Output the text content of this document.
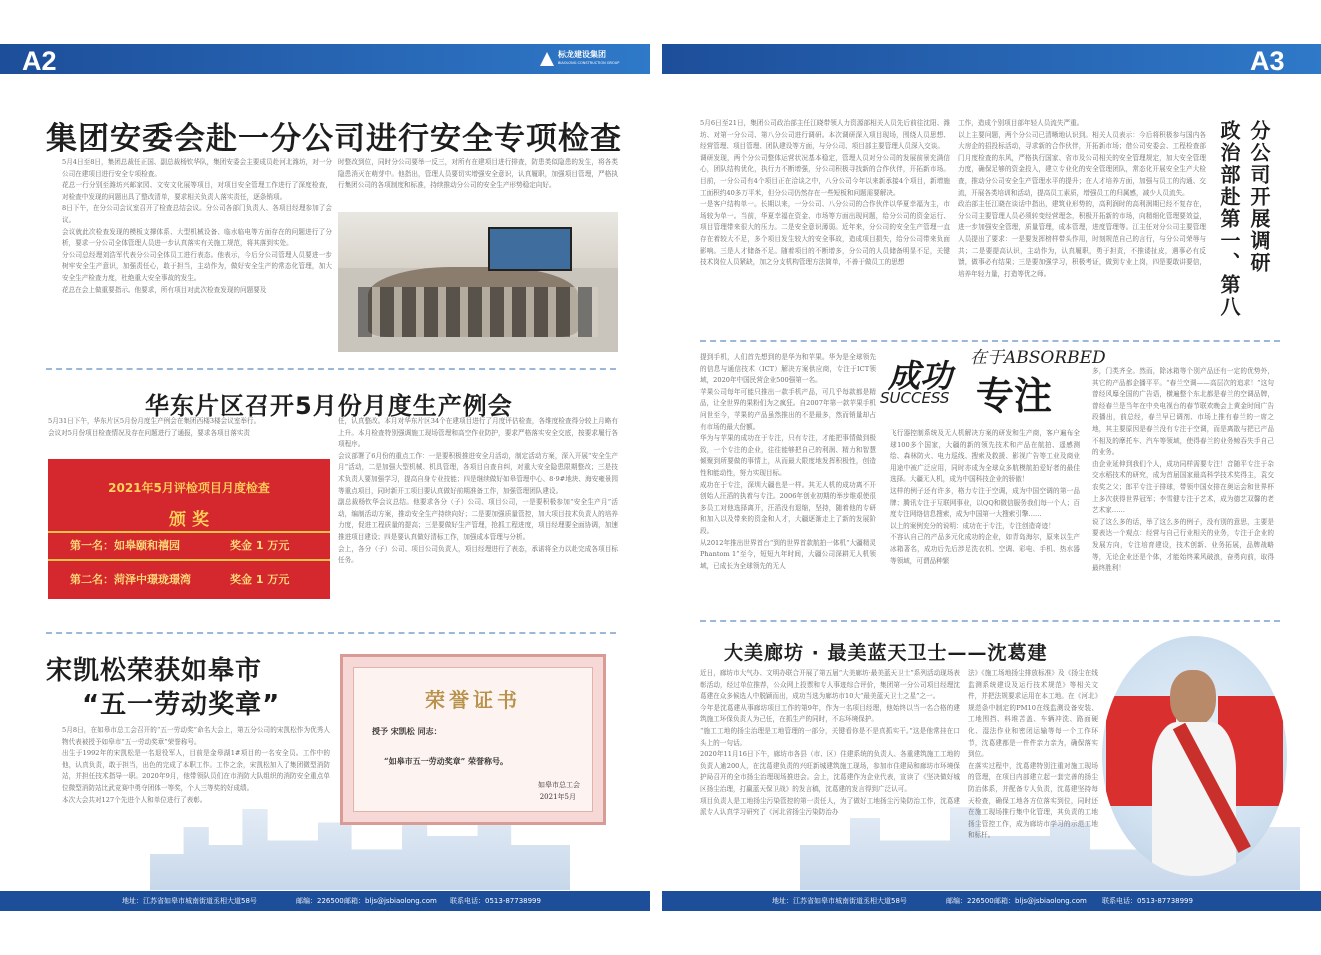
A2	A3
标龙建设集团
BIAOLONG CONSTRUCTION GROUP
集团安委会赴一分公司进行安全专项检查
5月4日至8日，集团总裁任正国、副总裁杨钦华队，集团安委会主要成员赴河北潍坊，对一分公司在建项目进行安全专项检查。
花总一行分别至潍坊兴邮家园、文安文化展等项目，对项目安全管理工作进行了深度检查，对检查中发现的问题出具了整改清单，要求相关负责人落实责任，逐条销项。
8日下午，在分公司会议室召开了检查总结会议。分公司各部门负责人、各项目经理参加了会议。
会议就此次检查发现的模板支撑体系、大型机械设备、临水临电等方面存在的问题进行了分析，要求一分公司全体管理人员进一步认真落实有关施工规范，将其落到实处。
分公司总经理刘浩军代表分公司全体员工进行表态。他表示，今后分公司管理人员要进一步树牢安全生产意识，加强责任心，敢于担当，主动作为，做好安全生产的常态化管理，加大安全生产检查力度，杜绝重大安全事故的发生。
花总在会上做重要指示。他要求，所有项目对此次检查发现的问题要及
时整改到位，同时分公司要举一反三，对所有在建项目进行排查，防患类似隐患的发生，将各类隐患消灭在萌芽中。他指出，管理人员要切实增强安全意识，认真履职，加强项目管理，严格执行集团公司的各项制度和标准，持续推动分公司的安全生产形势稳定向好。
华东片区召开5月份月度生产例会
5月31日下午，华东片区5月份月度生产例会在集团西楼3楼会议室举行。
会议对5月份项目检查情况及存在问题进行了通报，要求各项目落实责
任，认真整改。本月对华东片区34个在建项目进行了月度评估检查，各维度检查得分较上月略有上升。本月检查特别强调施工现场管理和高空作业防护，要求严格落实安全交底，按要求履行各项程序。
会议部署了6月份的重点工作：一是要积极推进安全月活动，制定活动方案，深入开展“安全生产月”活动，二是加强大型机械、机具管理，各项目自查自纠，对重大安全隐患限期整改；三是技术负责人要加强学习，提高自身专业技能；四是继续做好如皋管理中心、8·9#地块、海安雍景园等重点项目，同时新开工项目要认真做好前期准备工作，加强管理团队建设。
副总裁杨钦华会议总结。他要求各分（子）公司、项目公司，一是要积极参加“安全生产月”活动，编制活动方案，推动安全生产持续向好；二是要加强质量管控，加大项目技术负责人的培养力度，促进工程质量的提高；三是要做好生产管理，抢抓工程进度，项目经理要全面协调，加速推进项目建设；四是要认真做好清标工作，加强成本管理与分析。
会上，各分（子）公司、项目公司负责人，项目经理进行了表态，承诺将全力以赴完成各项目标任务。
2021年5月评检项目月度检查
颁 奖
第一名：如皋颐和禧园	奖金 1 万元
第二名：菏泽中璟珑璟湾	奖金 1 万元
宋凯松荣获如皋市
“五一劳动奖章”
5月8日，在如皋市总工会召开的“五一劳动奖”命名大会上，第五分公司的宋凯松作为优秀人物代表被授予如皋市“五一劳动奖章”荣誉称号。
出生于1992年的宋凯松是一名退役军人，目前是金皋湖1#项目的一名安全员。工作中的他，认真负责，敢于担当，出色的完成了本职工作。工作之余，宋凯松加入了集团微型消防站，并担任技术指导一职。2020年9月，他带领队员们在市消防大队组织的消防安全重点单位微型消防站比武竞赛中勇夺团体一等奖，个人三等奖的好成绩。
本次大会共对127个先进个人和单位进行了表彰。
荣誉证书
授予 宋凯松 同志：
“如皋市五一劳动奖章” 荣誉称号。
如皋市总工会
2021年5月
5月6日至21日，集团公司政治部主任江晓带领人力资源部相关人员先后前往沈阳、潍坊、对第一分公司、第八分公司进行调研。本次调研深入项目现场，围绕人员思想、经营管理、项目管理、团队建设等方面，与分公司、项目部主要管理人员深入交谈。
调研发现，两个分公司整体运营状况基本稳定，管理人员对分公司的发展前景充满信心，团队结构优化，执行力不断增强，分公司积极寻找新的合作伙伴，开拓新市场。目前，一分公司有4个项目正在洽谈之中，八分公司今年以来新承接4个项目，新增施工面积约40多万平米，但分公司仍然存在一些短板和问题需要解决。
一是客户结构单一。长期以来，一分公司、八分公司的合作伙伴以华夏幸福为主，市场较为单一。当前，华夏幸福在资金、市场等方面出现问题，给分公司的资金运行、项目管理带来很大的压力。二是安全意识薄弱。近年来，分公司的安全生产管理一直存在着较大不足，多个项目发生较大的安全事故，造成项目损失，给分公司带来负面影响。三是人才储备不足。随着项目的不断增多，分公司的人员储备明显不足，关键技术岗位人员紧缺，加之分支机构管理方法简单，不善于做员工的思想
工作，造成个别项目部年轻人员流失严重。
以上主要问题，两个分公司已清晰地认识到。相关人员表示：今后将积极参与国内各大房企的招投标活动，寻求新的合作伙伴，开拓新市场；借公司安委会、工程检查部门月度检查的东风，严格执行国家、省市及公司相关的安全管理规定，加大安全管理力度，确保足够的资金投入，建立专业化的安全管理团队，常态化开展安全生产大检查，推动分公司安全生产管理水平的提升；在人才培养方面，加强与员工的沟通、交流，开展各类培训和活动，提高员工素质，增强员工的归属感，减少人员流失。
政治部主任江晓在谈话中指出，建筑业形势的，高利润时的高利润期已经不复存在，分公司主要管理人员必须转变经营理念，积极开拓新的市场，向精细化管理要效益，进一步加强安全管理，质量管理，成本管理，进度管理等。江主任对分公司主要管理人员提出了要求：一是要发挥榜样带头作用，时刻规范自己的言行，与分公司荣辱与共；二是要提高认识，主动作为，认真履职，勇于担责，不推诿扯皮，遇事必有反馈，做事必有结果；三是要加强学习，积极考证，做到专业上岗，四是要敢讲要信，培养年轻力量，打造等优之师。	分公司开展调研
政治部赴第一、第八
在于ABSORBED
成功
SUCCESS 专注
提到手机，人们首先想到的是华为和苹果。华为是全球领先的信息与通信技术（ICT）解决方案供应商，专注于ICT领域，2020年中国民营企业500强第一名。
苹果公司每年可能只推出一款手机产品，可几乎每款都是精品，让全世界的果粉们为之疯狂。自2007年第一款苹果手机问世至今，苹果的产品虽然推出的不是最多，然而销量却占有市场的最大份额。
华为与苹果的成功在于专注，只有专注，才能把事情做到极致，一个专注的企业，往往能够把自己的利润、精力和智慧倾聚到所要做的事情上，从而最大限度地发挥积极性，创造性和能动性，努力实现目标。
成功在于专注，深圳大疆也是一样。其无人机的成功离不开创始人汪滔的执着与专注。2006年创业初期的举步维艰使很多员工对他选择离开，汪滔没有退缩，坚持，随着他的专研和加入以及带来的资金和人才，大疆逐渐走上了新的发展阶段。
从2012年推出世界首台“到的世界首款航拍一体机“大疆精灵Phantom 1”至今，短短九年时间，大疆公司深耕无人机领域，已成长为全球领先的无人
飞行器控制系统及无人机解决方案的研发和生产商，客户遍布全球100多个国家，大疆的新的领先技术和产品在航拍、遥感测绘、森林防火、电力巡线、搜索及救援、影视广告等工业及商业用途中被广泛应用，同时亦成为全球众多航模航拍爱好者的最佳选择。大疆无人机，成为中国科技企业的骄傲！
这样的例子还有许多，格力专注于空调，成为中国空调的第一品牌；腾讯专注于互联网事业，以QQ和微信服务我们每一个人；百度专注网络信息搜索，成为中国第一大搜索引擎……
以上的案例充分的说明：成功在于专注，专注创造奇迹！
不容认自己的产品多元化成功的企业，如青岛海尔，原来以生产冰箱著名，成功后先后涉足洗衣机、空调、彩电、手机、热水器等领域，可谓品种繁
多，门类齐全。然而，除冰箱等个别产品还有一定的优势外，其它的产品都企播平平。“春兰空调——高层次的追求！”这句曾经风靡全国的广告语，横遍整个东北都是春兰的空调品牌，曾经春兰是当年在中央电视台的春节联欢晚会上黄金时间广告段播出，前总经，春兰早已调剂、市场上推有春兰的一席之地，其主要原因是春兰没有专注于空调，而是离散与把已产品不相及的摩托车、汽车等领域，使得春兰的业务鲸吞失手自己的业务。
由企业延伸到我们个人，成功同样需要专注！音随平专注于杂交水稻技术的研究，成为首届国家最高科学技术奖得主，袁交农奖之父；郎平专注于排球，带领中国女排在奥运会和世界杯上多次获得世界冠军；李雪健专注于艺术，成为德艺双馨的老艺术家……
说了这么多的话，举了这么多的例子，没有别的意思，主要是要表达一个观点：经营与自己行业相关的业务，专注于企业的发展方向，专注培育建设，技术创新、业务拓展，品牌战略等，无论企业还是个体，才能始终乘风破浪，奋勇向前，取得最终胜利！
大美廊坊 · 最美蓝天卫士——沈葛建
近日，廊坊市大气办、文明办联合开展了第五届“大美廊坊·最美蓝天卫士”系列活动现场表彰活动，经过单位推荐，公众网上投票和专人事迹综合评价，集团第一分公司项目经理沈葛建在众多候选人中脱颖而出，成功当选为廊坊市10大“最美蓝天卫士之星”之一。
今年是沈葛建从事廊坊项目工作的第9年，作为一名项目经理，他始终以当一名合格的建筑施工环保负责人为己任，在抓生产的同时，不忘环境保护。
“施工工地的扬尘治理是工地管理的一部分，关键看你是不是真抓实干。”这是他常挂在口头上的一句话。
2020年11月16日下午，廊坊市各县（市、区）住建系统的负责人、各重建筑施工工地的负责人逾200人，在沈葛建负责的兴旺新城建筑施工现场，参加市住建局和廊坊市环境保护局召开的全市扬尘治理现场推进会。会上，沈葛建作为企业代表，宣读了《坚决做好城区扬尘治理，打赢蓝天保卫战》的发言稿，沈葛建的发言得到广泛认可。
项目负责人是工地扬尘污染管控的第一责任人，为了做好工地扬尘污染防治工作，沈葛建派专人认真学习研究了《河北省扬尘污染防治办
法》《施工场地扬尘排放标准》及《扬尘在线监测系统建设及运行技术规范》等相关文件，并把法规要求运用在本工地。在《河北》规范条中制定的PM10在线监测设备安装、工地围挡、料堆苫盖、车辆冲洗、路面硬化、湿法作业和密闭运输等每一个工作环节，沈葛建都是一件件亲力亲为，确保落实到位。
在落实过程中，沈葛建特别注重对施工现场的管理，在项目内部建立起一套完善的扬尘防治体系，并配备专人负责，沈葛建坚持每天检查，确保工地各方位落实到位，同时还在施工现场推行集中化管理，其负责的工地扬尘管控工作，成为廊坊市学习的示范工地和标杆。
地址：江苏省如皋市城南街道丞相大道58号	邮编：226500 邮箱：bljs@jsbiaolong.com 联系电话：0513-87738999	地址：江苏省如皋市城南街道丞相大道58号	邮编：226500 邮箱：bljs@jsbiaolong.com 联系电话：0513-87738999
